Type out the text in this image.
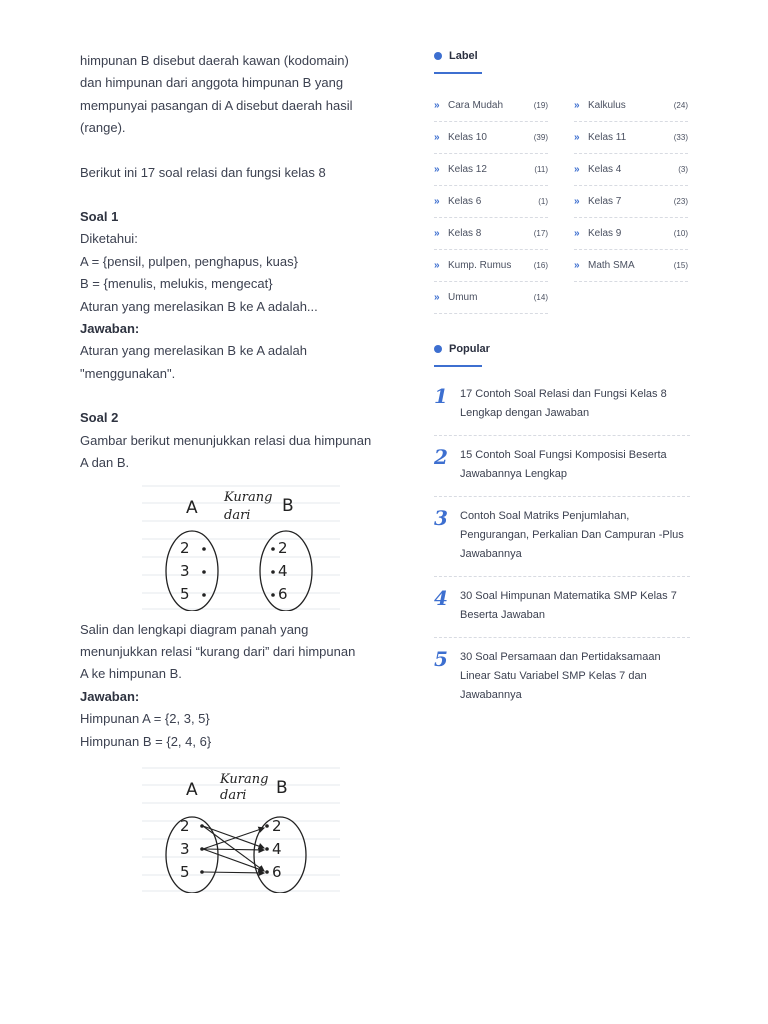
himpunan B disebut daerah kawan (kodomain)

dan himpunan dari anggota himpunan B yang

mempunyai pasangan di A disebut daerah hasil

(range).

Berikut ini 17 soal relasi dan fungsi kelas 8

Soal 1

Diketahui:

A = {pensil, pulpen, penghapus, kuas}

B = {menulis, melukis, mengecat}

Aturan yang merelasikan B ke A adalah...

Jawaban:

Aturan yang merelasikan B ke A adalah

"menggunakan".

Soal 2

Gambar berikut menunjukkan relasi dua himpunan

A dan B.

A	B
Kurang
dari
2
3
5
2
4
6

Salin dan lengkapi diagram panah yang

menunjukkan relasi “kurang dari” dari himpunan

A ke himpunan B.

Jawaban:

Himpunan A = {2, 3, 5}

Himpunan B = {2, 4, 6}

A	B
Kurang
dari
2
3
5
2
4
6
Label
» Cara Mudah	(19)	» Kalkulus	(24)
» Kelas 10	(39)	» Kelas 11	(33)
» Kelas 12	(11)	» Kelas 4	(3)
» Kelas 6	(1)	» Kelas 7	(23)
» Kelas 8	(17)	» Kelas 9	(10)
» Kump. Rumus	(16)	» Math SMA	(15)
» Umum	(14)
Popular
1	17 Contoh Soal Relasi dan Fungsi Kelas 8 Lengkap dengan Jawaban
2	15 Contoh Soal Fungsi Komposisi Beserta Jawabannya Lengkap
3	Contoh Soal Matriks Penjumlahan, Pengurangan, Perkalian Dan Campuran -Plus Jawabannya
4	30 Soal Himpunan Matematika SMP Kelas 7 Beserta Jawaban
5	30 Soal Persamaan dan Pertidaksamaan Linear Satu Variabel SMP Kelas 7 dan Jawabannya
